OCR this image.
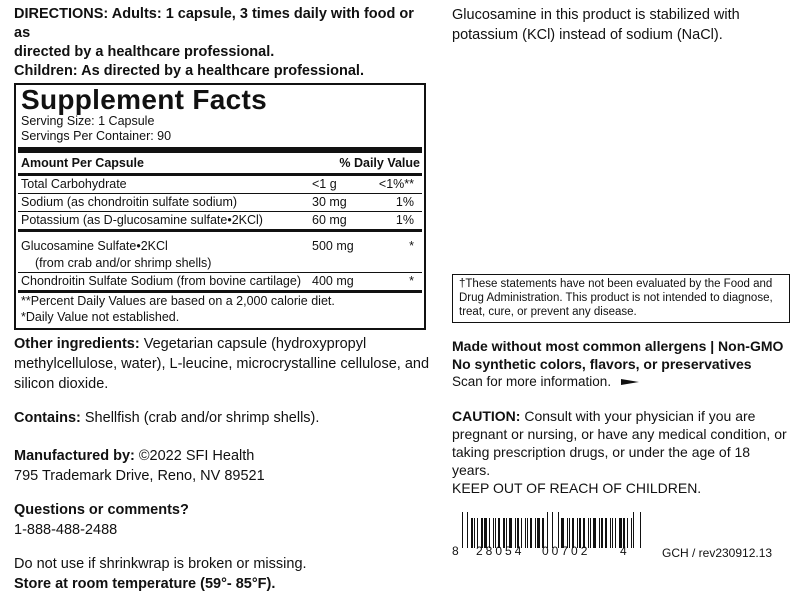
DIRECTIONS: Adults: 1 capsule, 3 times daily with food or as

directed by a healthcare professional.

Children: As directed by a healthcare professional.

Supplement Facts
Serving Size: 1 Capsule
Servings Per Container: 90
Amount Per Capsule	% Daily Value
Total Carbohydrate	<1 g	<1%**
Sodium (as chondroitin sulfate sodium)	30 mg	1%
Potassium (as D-glucosamine sulfate•2KCl)	60 mg	1%
Glucosamine Sulfate•2KCl
(from crab and/or shrimp shells)
500 mg	*
Chondroitin Sulfate Sodium (from bovine cartilage) 400 mg	*
**Percent Daily Values are based on a 2,000 calorie diet.
*Daily Value not established.

Other ingredients: Vegetarian capsule (hydroxypropyl methylcellulose, water), L-leucine, microcrystalline cellulose, and silicon dioxide.

Contains: Shellfish (crab and/or shrimp shells).

Manufactured by: ©2022 SFI Health

795 Trademark Drive, Reno, NV 89521

Questions or comments?

1-888-488-2488

Do not use if shrinkwrap is broken or missing.

Store at room temperature (59°- 85°F).

Glucosamine in this product is stabilized with potassium (KCl) instead of sodium (NaCl).

†These statements have not been evaluated by the Food and Drug Administration. This product is not intended to diagnose, treat, cure, or prevent any disease.

Made without most common allergens | Non-GMO
No synthetic colors, flavors, or preservatives

Scan for more information.

CAUTION: Consult with your physician if you are pregnant or nursing, or have any medical condition, or taking prescription drugs, or under the age of 18 years.
KEEP OUT OF REACH OF CHILDREN.

8 28054 00702 4	GCH / rev230912.13
